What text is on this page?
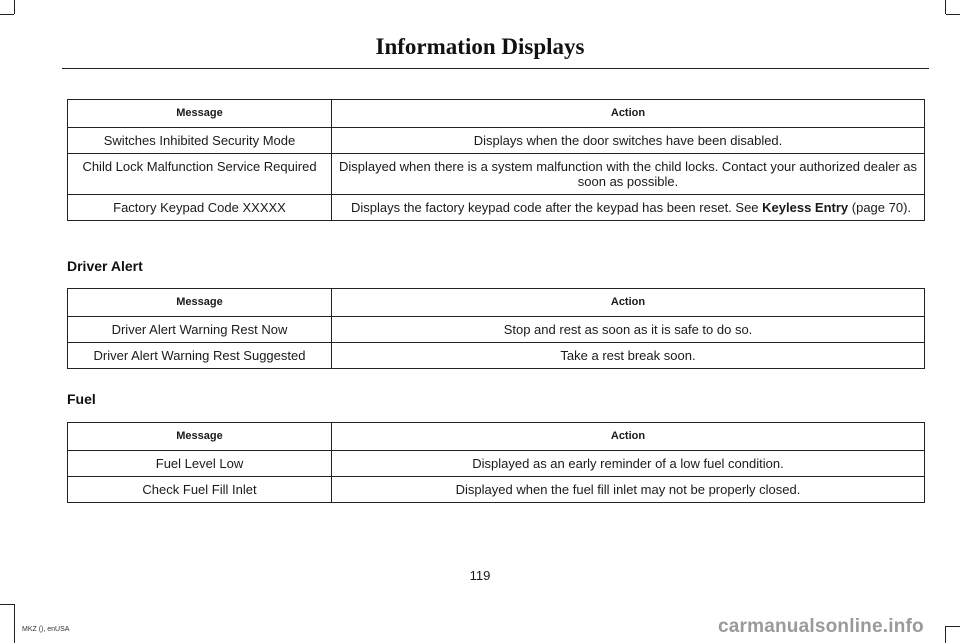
Information Displays
Message	Action
Switches Inhibited Security Mode	Displays when the door switches have been disabled.
Child Lock Malfunction Service Required	Displayed when there is a system malfunction with the child locks. Contact your authorized dealer as soon as possible.
Factory Keypad Code XXXXX	Displays the factory keypad code after the keypad has been reset. See Keyless Entry (page 70).
Driver Alert
Message	Action
Driver Alert Warning Rest Now	Stop and rest as soon as it is safe to do so.
Driver Alert Warning Rest Suggested	Take a rest break soon.
Fuel
Message	Action
Fuel Level Low	Displayed as an early reminder of a low fuel condition.
Check Fuel Fill Inlet	Displayed when the fuel fill inlet may not be properly closed.
119
MKZ (), enUSA	carmanualsonline.info
